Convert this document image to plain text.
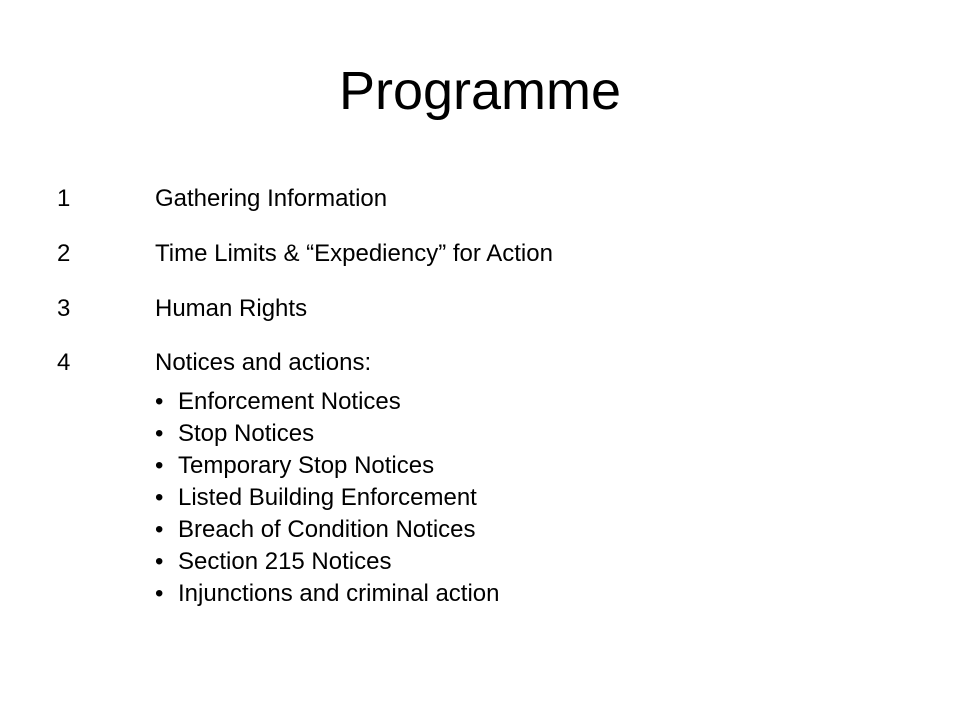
Programme
1	Gathering Information
2	Time Limits & “Expediency” for Action
3	Human Rights
4	Notices and actions:
• Enforcement Notices
• Stop Notices
• Temporary Stop Notices
• Listed Building Enforcement
• Breach of Condition Notices
• Section 215 Notices
• Injunctions and criminal action
